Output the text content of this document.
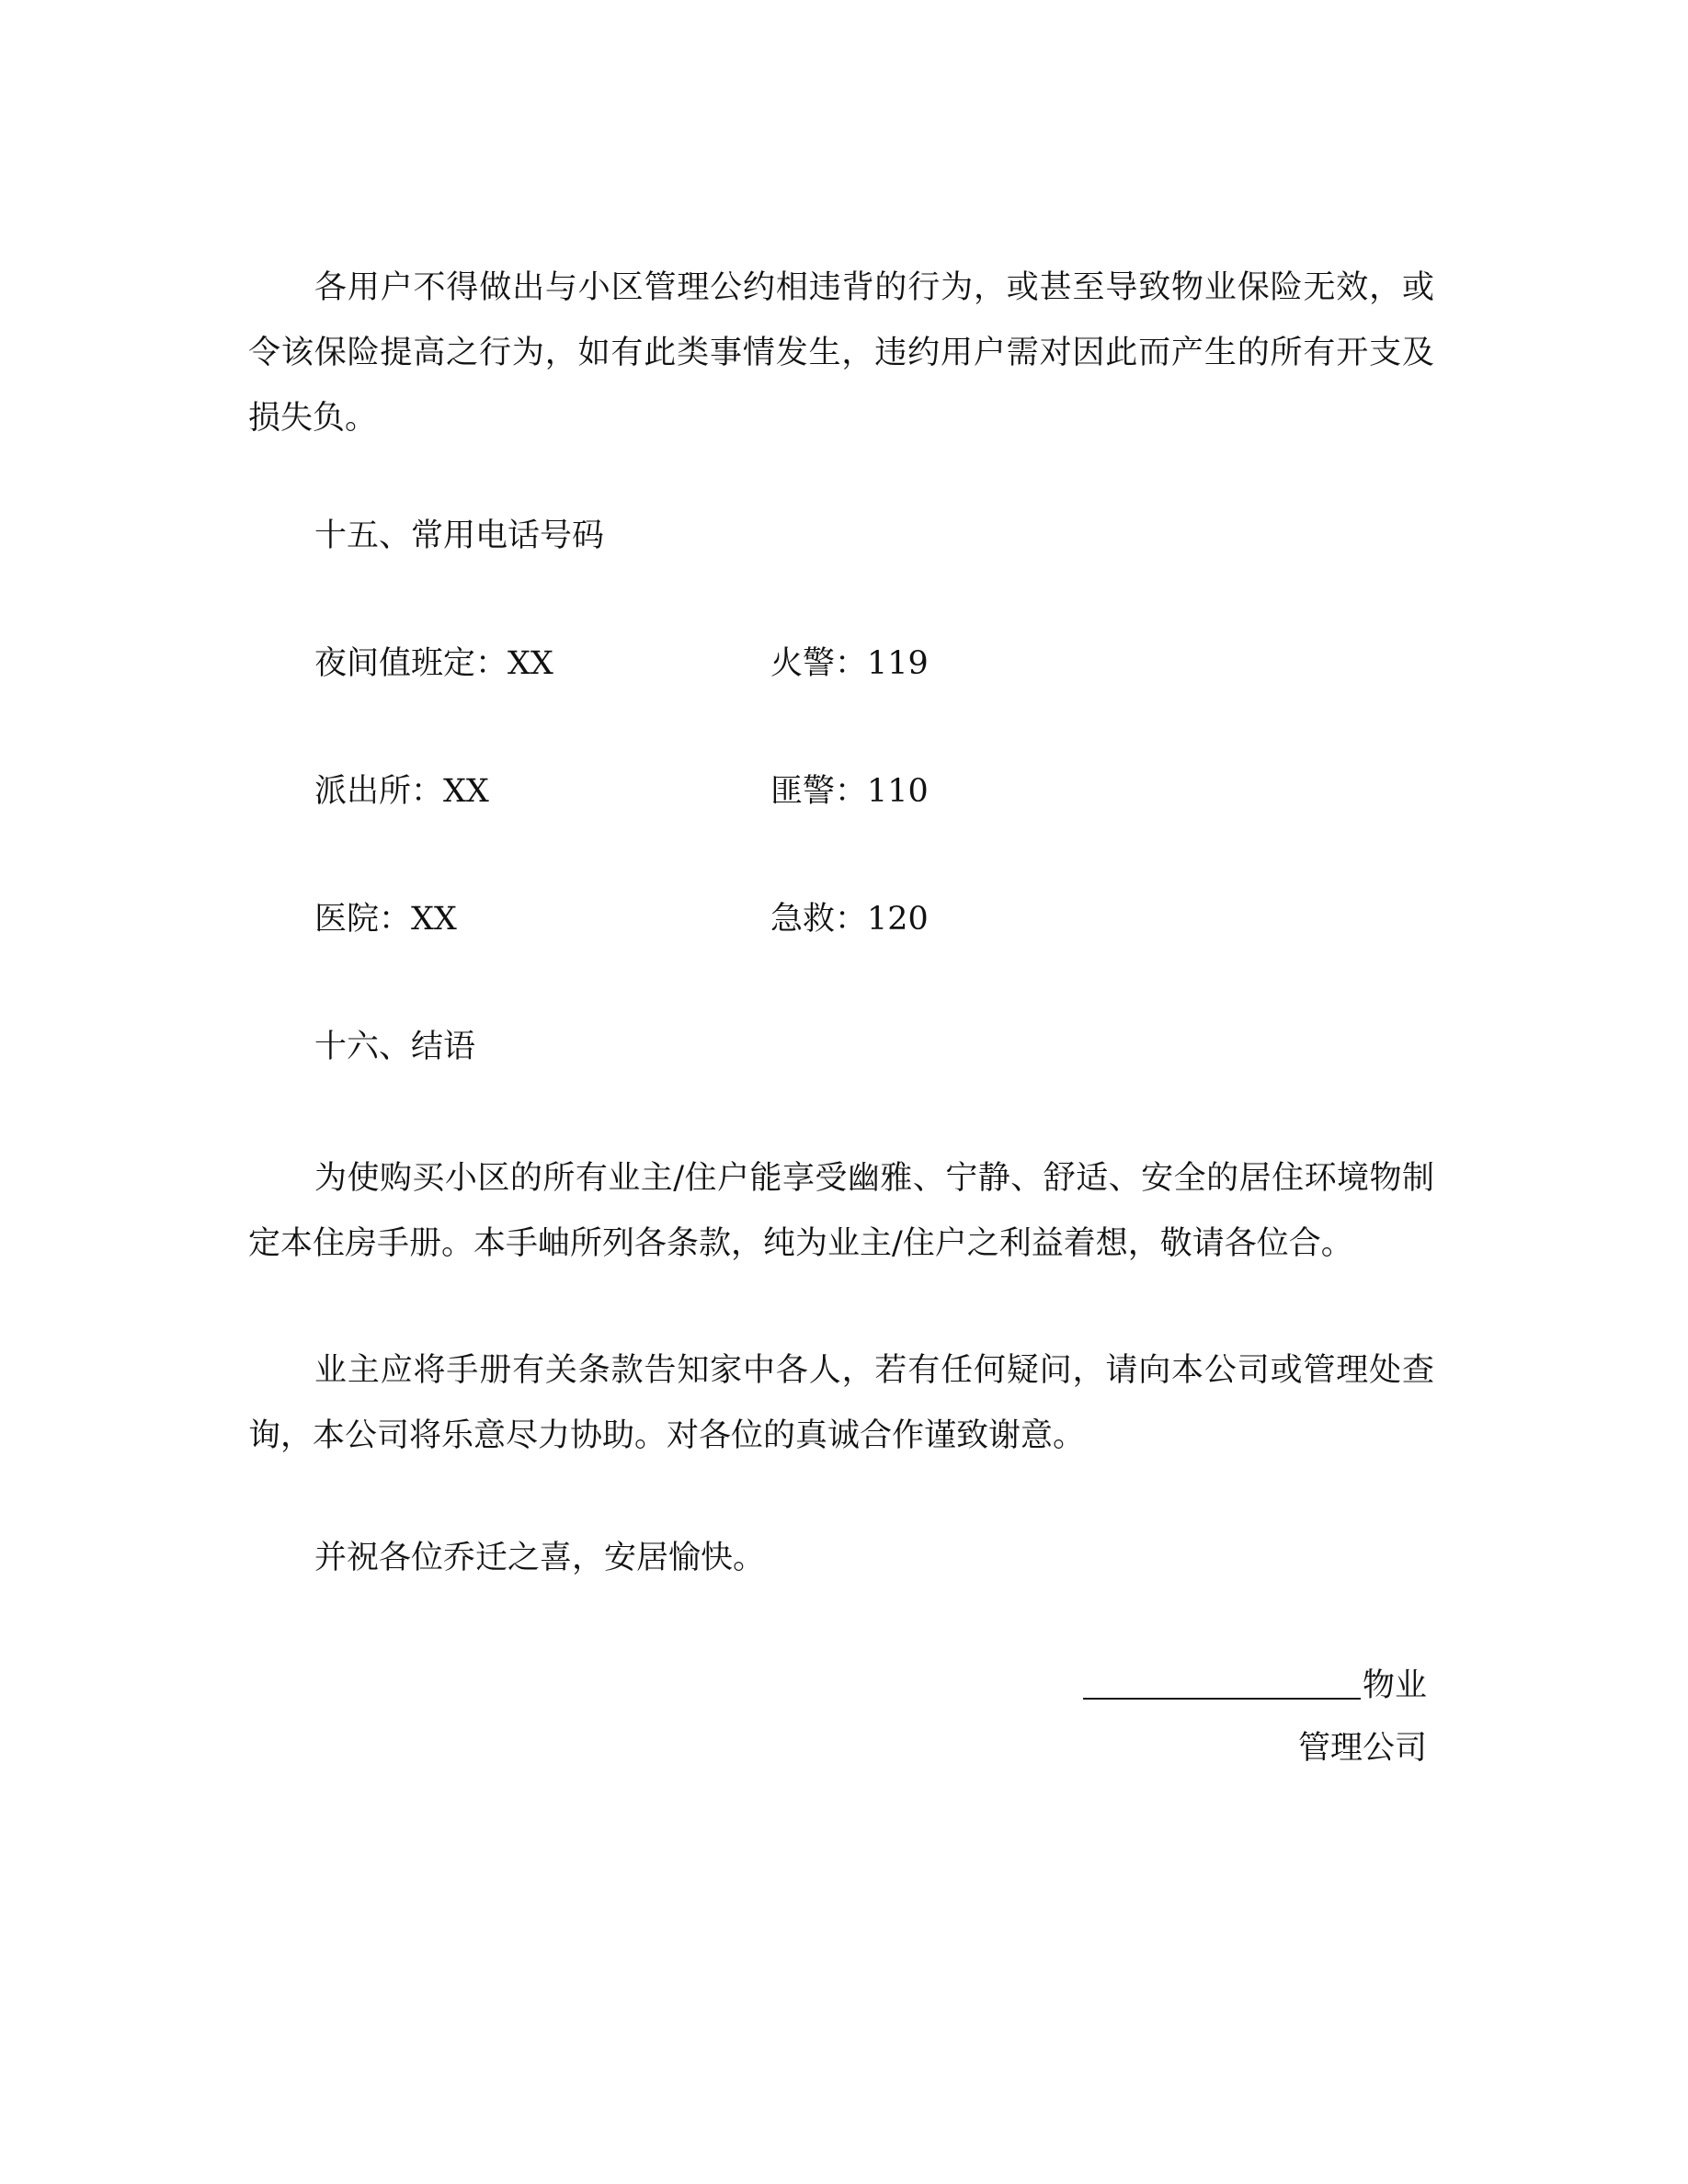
各用户不得做出与小区管理公约相违背的行为，或甚至导致物业保险无效，或令该保险提高之行为，如有此类事情发生，违约用户需对因此而产生的所有开支及损失负。

十五、常用电话号码

夜间值班定：XX	火警：119

派出所：XX	匪警：110

医院：XX	急救：120

十六、结语

为使购买小区的所有业主/住户能享受幽雅、宁静、舒适、安全的居住环境物制定本住房手册。本手岫所列各条款，纯为业主/住户之利益着想，敬请各位合。

业主应将手册有关条款告知家中各人，若有任何疑问，请向本公司或管理处查询，本公司将乐意尽力协助。对各位的真诚合作谨致谢意。

并祝各位乔迁之喜，安居愉快。

物业

管理公司
